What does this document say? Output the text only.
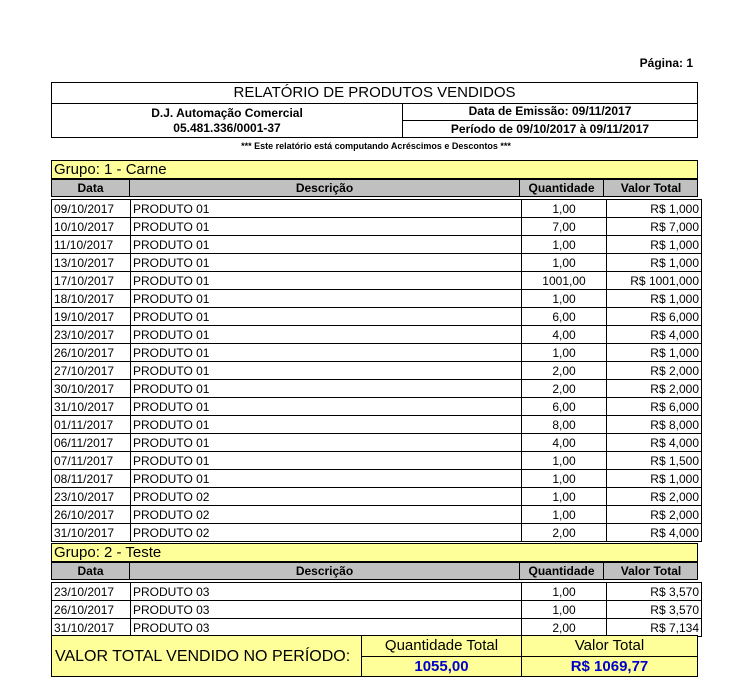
Página: 1
RELATÓRIO DE PRODUTOS VENDIDOS
D.J. Automação Comercial
05.481.336/0001-37
Data de Emissão: 09/11/2017
Período de 09/10/2017 à 09/11/2017
*** Este relatório está computando Acréscimos e Descontos ***
Grupo: 1 - Carne
Data	Descrição	Quantidade	Valor Total
09/10/2017	PRODUTO 01	1,00	R$ 1,000
10/10/2017	PRODUTO 01	7,00	R$ 7,000
11/10/2017	PRODUTO 01	1,00	R$ 1,000
13/10/2017	PRODUTO 01	1,00	R$ 1,000
17/10/2017	PRODUTO 01	1001,00	R$ 1001,000
18/10/2017	PRODUTO 01	1,00	R$ 1,000
19/10/2017	PRODUTO 01	6,00	R$ 6,000
23/10/2017	PRODUTO 01	4,00	R$ 4,000
26/10/2017	PRODUTO 01	1,00	R$ 1,000
27/10/2017	PRODUTO 01	2,00	R$ 2,000
30/10/2017	PRODUTO 01	2,00	R$ 2,000
31/10/2017	PRODUTO 01	6,00	R$ 6,000
01/11/2017	PRODUTO 01	8,00	R$ 8,000
06/11/2017	PRODUTO 01	4,00	R$ 4,000
07/11/2017	PRODUTO 01	1,00	R$ 1,500
08/11/2017	PRODUTO 01	1,00	R$ 1,000
23/10/2017	PRODUTO 02	1,00	R$ 2,000
26/10/2017	PRODUTO 02	1,00	R$ 2,000
31/10/2017	PRODUTO 02	2,00	R$ 4,000
Grupo: 2 - Teste
Data	Descrição	Quantidade	Valor Total
23/10/2017	PRODUTO 03	1,00	R$ 3,570
26/10/2017	PRODUTO 03	1,00	R$ 3,570
31/10/2017	PRODUTO 03	2,00	R$ 7,134
VALOR TOTAL VENDIDO NO PERÍODO:
Quantidade Total
1055,00
Valor Total
R$ 1069,77
